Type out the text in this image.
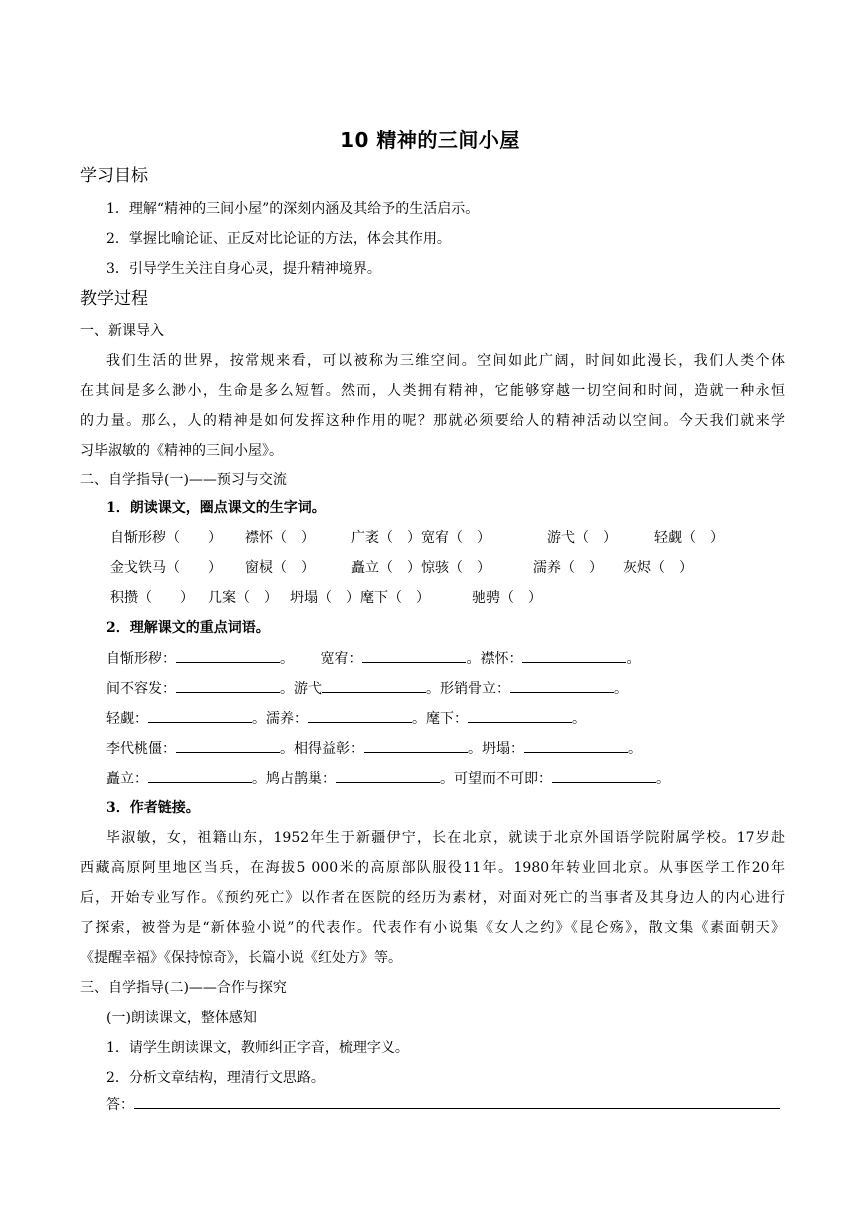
10 精神的三间小屋
学习目标
1．理解“精神的三间小屋”的深刻内涵及其给予的生活启示。
2．掌握比喻论证、正反对比论证的方法，体会其作用。
3．引导学生关注自身心灵，提升精神境界。
教学过程
一、新课导入
我们生活的世界，按常规来看，可以被称为三维空间。空间如此广阔，时间如此漫长，我们人类个体
在其间是多么渺小，生命是多么短暂。然而，人类拥有精神，它能够穿越一切空间和时间，造就一种永恒
的力量。那么，人的精神是如何发挥这种作用的呢？那就必须要给人的精神活动以空间。今天我们就来学
习毕淑敏的《精神的三间小屋》。
二、自学指导(一)——预习与交流
1．朗读课文，圈点课文的生字词。
自惭形秽（　　） 襟怀（　）	广袤（　）宽宥（　）	游弋（　）	轻觑（　）
金戈铁马（　　） 窗棂（　）	矗立（　）惊骇（　）	濡养（　） 灰烬（　）
积攒（　　） 几案（　） 坍塌（　）麾下（　）	驰骋（　）
2．理解课文的重点词语。
自惭形秽：	。 宽宥：	。襟怀：	。
间不容发：	。游弋	。形销骨立：	。
轻觑：	。濡养：	。麾下：	。
李代桃僵：	。相得益彰：	。坍塌：	。
矗立：	。鸠占鹊巢：	。可望而不可即：	。
3．作者链接。
毕淑敏，女，祖籍山东，1952年生于新疆伊宁，长在北京，就读于北京外国语学院附属学校。17岁赴
西藏高原阿里地区当兵，在海拔5 000米的高原部队服役11年。1980年转业回北京。从事医学工作20年
后，开始专业写作。《预约死亡》以作者在医院的经历为素材，对面对死亡的当事者及其身边人的内心进行
了探索，被誉为是“新体验小说”的代表作。代表作有小说集《女人之约》《昆仑殇》，散文集《素面朝天》
《提醒幸福》《保持惊奇》，长篇小说《红处方》等。
三、自学指导(二)——合作与探究
(一)朗读课文，整体感知
1．请学生朗读课文，教师纠正字音，梳理字义。
2．分析文章结构，理清行文思路。
答：
